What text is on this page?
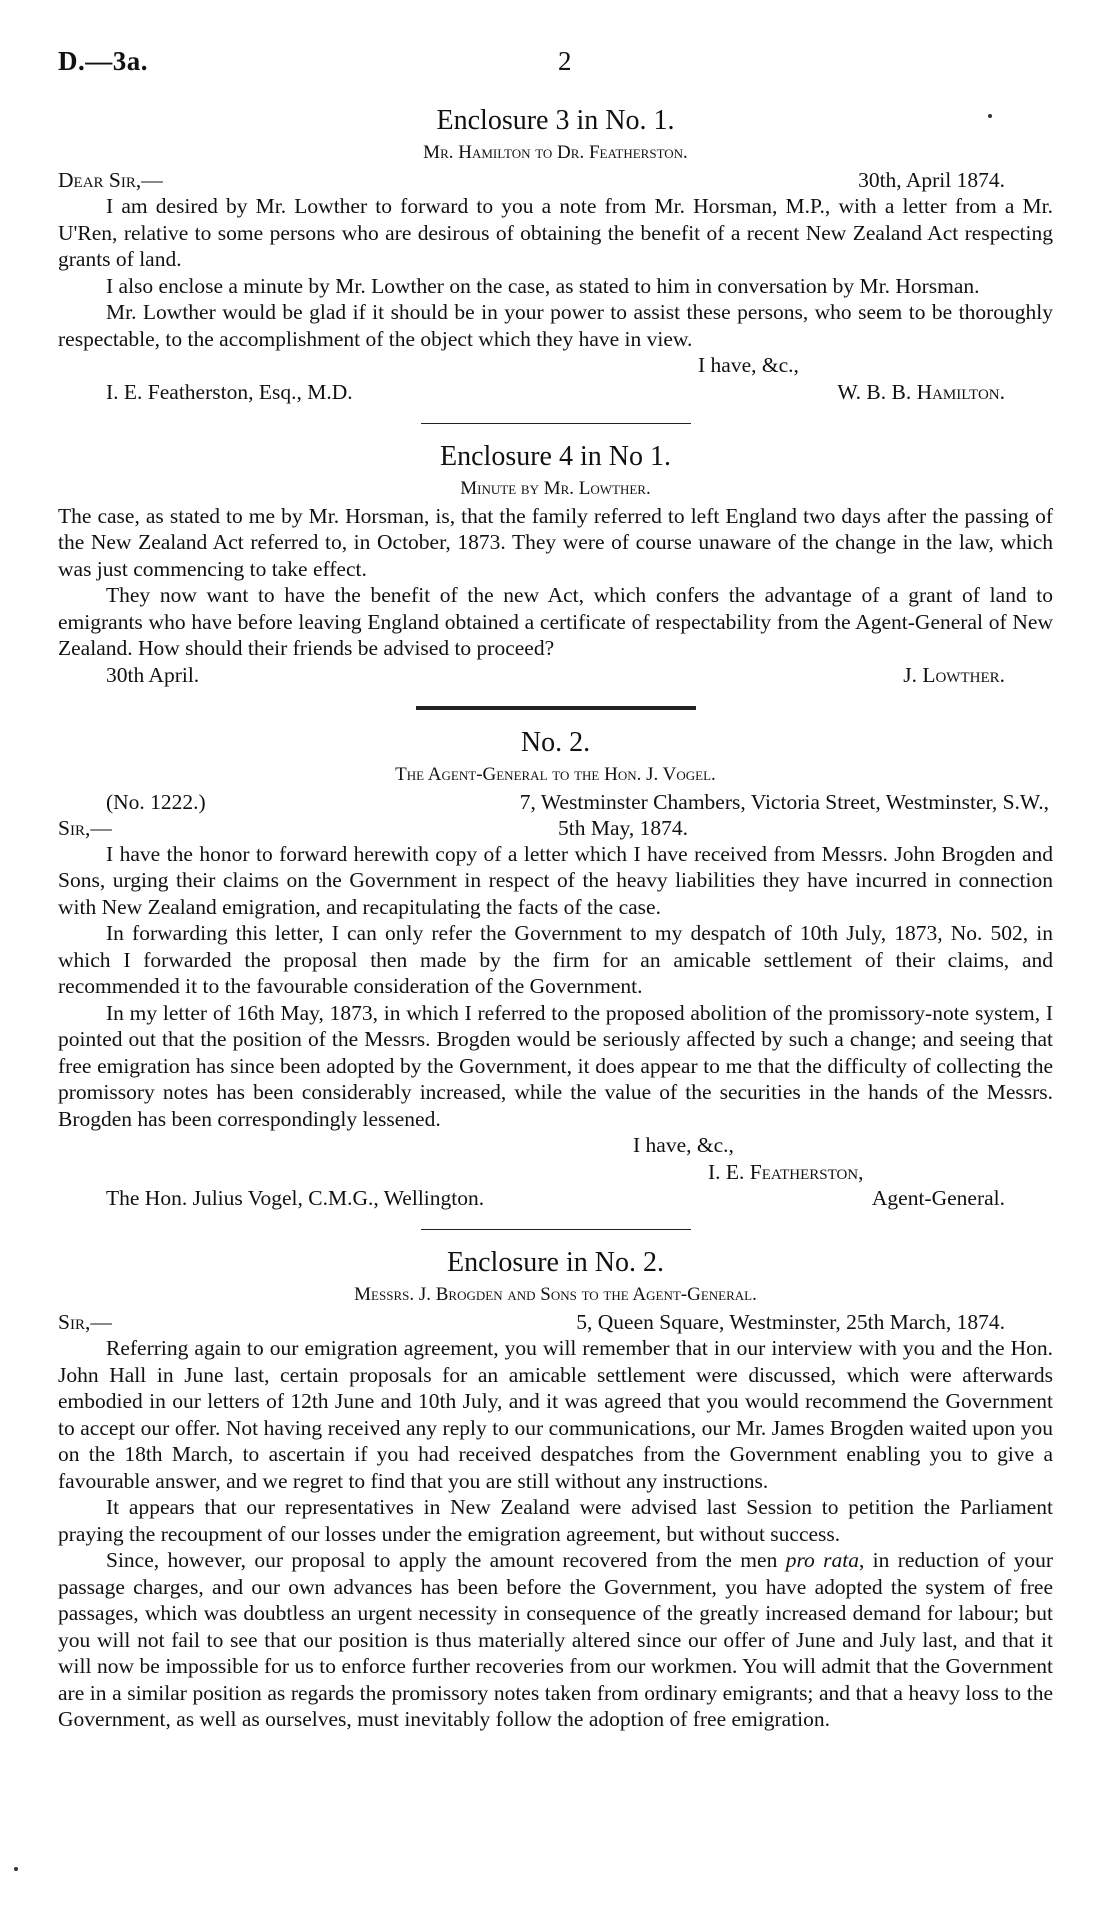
D.—3a.	2
Enclosure 3 in No. 1.
Mr. Hamilton to Dr. Featherston.
Dear Sir,—	30th, April 1874.

I am desired by Mr. Lowther to forward to you a note from Mr. Horsman, M.P., with a letter from a Mr. U'Ren, relative to some persons who are desirous of obtaining the benefit of a recent New Zealand Act respecting grants of land.

I also enclose a minute by Mr. Lowther on the case, as stated to him in conversation by Mr. Horsman.

Mr. Lowther would be glad if it should be in your power to assist these persons, who seem to be thoroughly respectable, to the accomplishment of the object which they have in view.

I have, &c.,
I. E. Featherston, Esq., M.D.	W. B. B. Hamilton.
Enclosure 4 in No 1.
Minute by Mr. Lowther.

The case, as stated to me by Mr. Horsman, is, that the family referred to left England two days after the passing of the New Zealand Act referred to, in October, 1873. They were of course unaware of the change in the law, which was just commencing to take effect.

They now want to have the benefit of the new Act, which confers the advantage of a grant of land to emigrants who have before leaving England obtained a certificate of respectability from the Agent-General of New Zealand. How should their friends be advised to proceed?

30th April.	J. Lowther.
No. 2.
The Agent-General to the Hon. J. Vogel.
(No. 1222.)	7, Westminster Chambers, Victoria Street, Westminster, S.W.,
Sir,—	5th May, 1874.

I have the honor to forward herewith copy of a letter which I have received from Messrs. John Brogden and Sons, urging their claims on the Government in respect of the heavy liabilities they have incurred in connection with New Zealand emigration, and recapitulating the facts of the case.

In forwarding this letter, I can only refer the Government to my despatch of 10th July, 1873, No. 502, in which I forwarded the proposal then made by the firm for an amicable settlement of their claims, and recommended it to the favourable consideration of the Government.

In my letter of 16th May, 1873, in which I referred to the proposed abolition of the promissory-note system, I pointed out that the position of the Messrs. Brogden would be seriously affected by such a change; and seeing that free emigration has since been adopted by the Government, it does appear to me that the difficulty of collecting the promissory notes has been considerably increased, while the value of the securities in the hands of the Messrs. Brogden has been correspondingly lessened.

I have, &c.,
I. E. Featherston,
The Hon. Julius Vogel, C.M.G., Wellington.	Agent-General.
Enclosure in No. 2.
Messrs. J. Brogden and Sons to the Agent-General.
Sir,—	5, Queen Square, Westminster, 25th March, 1874.

Referring again to our emigration agreement, you will remember that in our interview with you and the Hon. John Hall in June last, certain proposals for an amicable settlement were discussed, which were afterwards embodied in our letters of 12th June and 10th July, and it was agreed that you would recommend the Government to accept our offer. Not having received any reply to our communications, our Mr. James Brogden waited upon you on the 18th March, to ascertain if you had received despatches from the Government enabling you to give a favourable answer, and we regret to find that you are still without any instructions.

It appears that our representatives in New Zealand were advised last Session to petition the Parliament praying the recoupment of our losses under the emigration agreement, but without success.

Since, however, our proposal to apply the amount recovered from the men pro rata, in reduction of your passage charges, and our own advances has been before the Government, you have adopted the system of free passages, which was doubtless an urgent necessity in consequence of the greatly increased demand for labour; but you will not fail to see that our position is thus materially altered since our offer of June and July last, and that it will now be impossible for us to enforce further recoveries from our workmen. You will admit that the Government are in a similar position as regards the promissory notes taken from ordinary emigrants; and that a heavy loss to the Government, as well as ourselves, must inevitably follow the adoption of free emigration.
